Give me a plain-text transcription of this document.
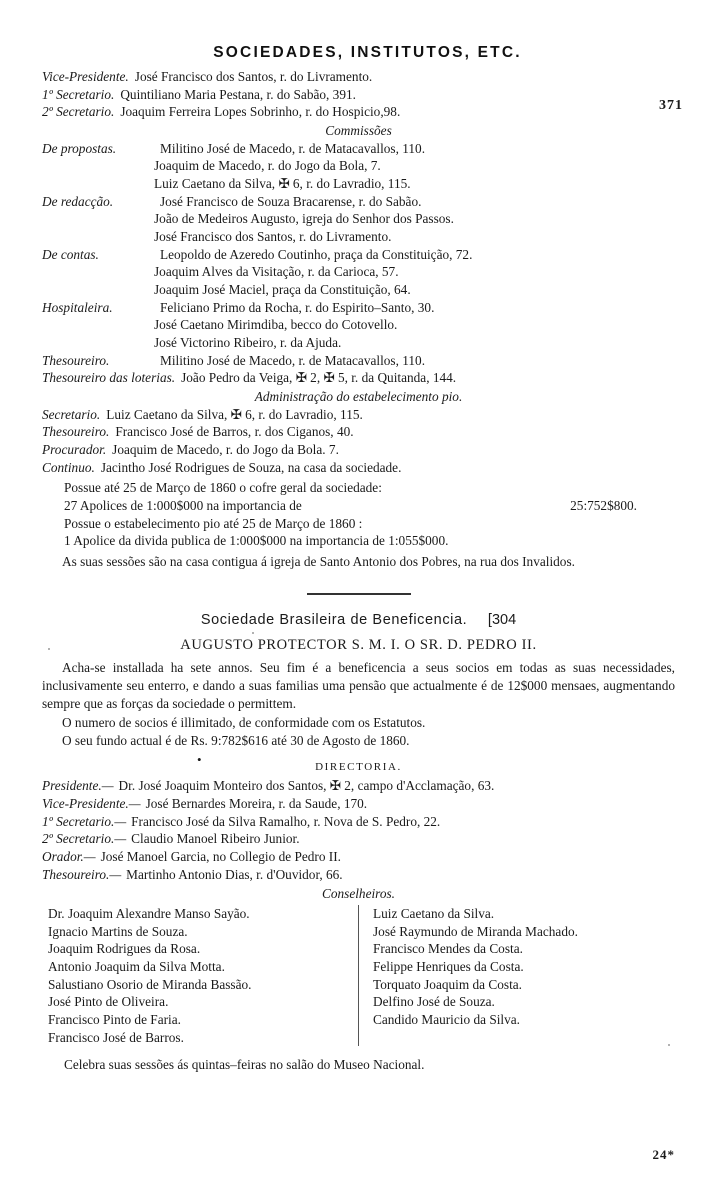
SOCIEDADES, INSTITUTOS, ETC.
371
Vice-Presidente. José Francisco dos Santos, r. do Livramento.
1º Secretario. Quintiliano Maria Pestana, r. do Sabão, 391.
2º Secretario. Joaquim Ferreira Lopes Sobrinho, r. do Hospicio,98.
Commissões
De propostas.	Militino José de Macedo, r. de Matacavallos, 110.
Joaquim de Macedo, r. do Jogo da Bola, 7.
Luiz Caetano da Silva, ✠ 6, r. do Lavradio, 115.
De redacção.	José Francisco de Souza Bracarense, r. do Sabão.
João de Medeiros Augusto, igreja do Senhor dos Passos.
José Francisco dos Santos, r. do Livramento.
De contas.	Leopoldo de Azeredo Coutinho, praça da Constituição, 72.
Joaquim Alves da Visitação, r. da Carioca, 57.
Joaquim José Maciel, praça da Constituição, 64.
Hospitaleira.	Feliciano Primo da Rocha, r. do Espirito–Santo, 30.
José Caetano Mirimdiba, becco do Cotovello.
José Victorino Ribeiro, r. da Ajuda.
Thesoureiro.	Militino José de Macedo, r. de Matacavallos, 110.
Thesoureiro das loterias. João Pedro da Veiga, ✠ 2, ✠ 5, r. da Quitanda, 144.
Administração do estabelecimento pio.
Secretario. Luiz Caetano da Silva, ✠ 6, r. do Lavradio, 115.
Thesoureiro. Francisco José de Barros, r. dos Ciganos, 40.
Procurador. Joaquim de Macedo, r. do Jogo da Bola. 7.
Continuo. Jacintho José Rodrigues de Souza, na casa da sociedade.
Possue até 25 de Março de 1860 o cofre geral da sociedade:
27 Apolices de 1:000$000 na importancia de	25:752$800.
Possue o estabelecimento pio até 25 de Março de 1860 :
1 Apolice da divida publica de 1:000$000 na importancia de 1:055$000.
As suas sessões são na casa contigua á igreja de Santo Antonio dos Pobres, na rua dos Invalidos.
Sociedade Brasileira de Beneficencia. [304
AUGUSTO PROTECTOR S. M. I. O SR. D. PEDRO II.
Acha-se installada ha sete annos. Seu fim é a beneficencia a seus socios em todas as suas necessidades, inclusivamente seu enterro, e dando a suas familias uma pensão que actualmente é de 12$000 mensaes, augmentando sempre que as forças da sociedade o permittem.
O numero de socios é illimitado, de conformidade com os Estatutos.
O seu fundo actual é de Rs. 9:782$616 até 30 de Agosto de 1860.
•	DIRECTORIA.
Presidente.— Dr. José Joaquim Monteiro dos Santos, ✠ 2, campo d'Acclamação, 63.
Vice-Presidente.— José Bernardes Moreira, r. da Saude, 170.
1º Secretario.— Francisco José da Silva Ramalho, r. Nova de S. Pedro, 22.
2º Secretario.— Claudio Manoel Ribeiro Junior.
Orador.— José Manoel Garcia, no Collegio de Pedro II.
Thesoureiro.— Martinho Antonio Dias, r. d'Ouvidor, 66.
Conselheiros.
Dr. Joaquim Alexandre Manso Sayão.
Ignacio Martins de Souza.
Joaquim Rodrigues da Rosa.
Antonio Joaquim da Silva Motta.
Salustiano Osorio de Miranda Bassão.
José Pinto de Oliveira.
Francisco Pinto de Faria.
Francisco José de Barros.
Luiz Caetano da Silva.
José Raymundo de Miranda Machado.
Francisco Mendes da Costa.
Felippe Henriques da Costa.
Torquato Joaquim da Costa.
Delfino José de Souza.
Candido Mauricio da Silva.
Celebra suas sessões ás quintas–feiras no salão do Museo Nacional.
24*
